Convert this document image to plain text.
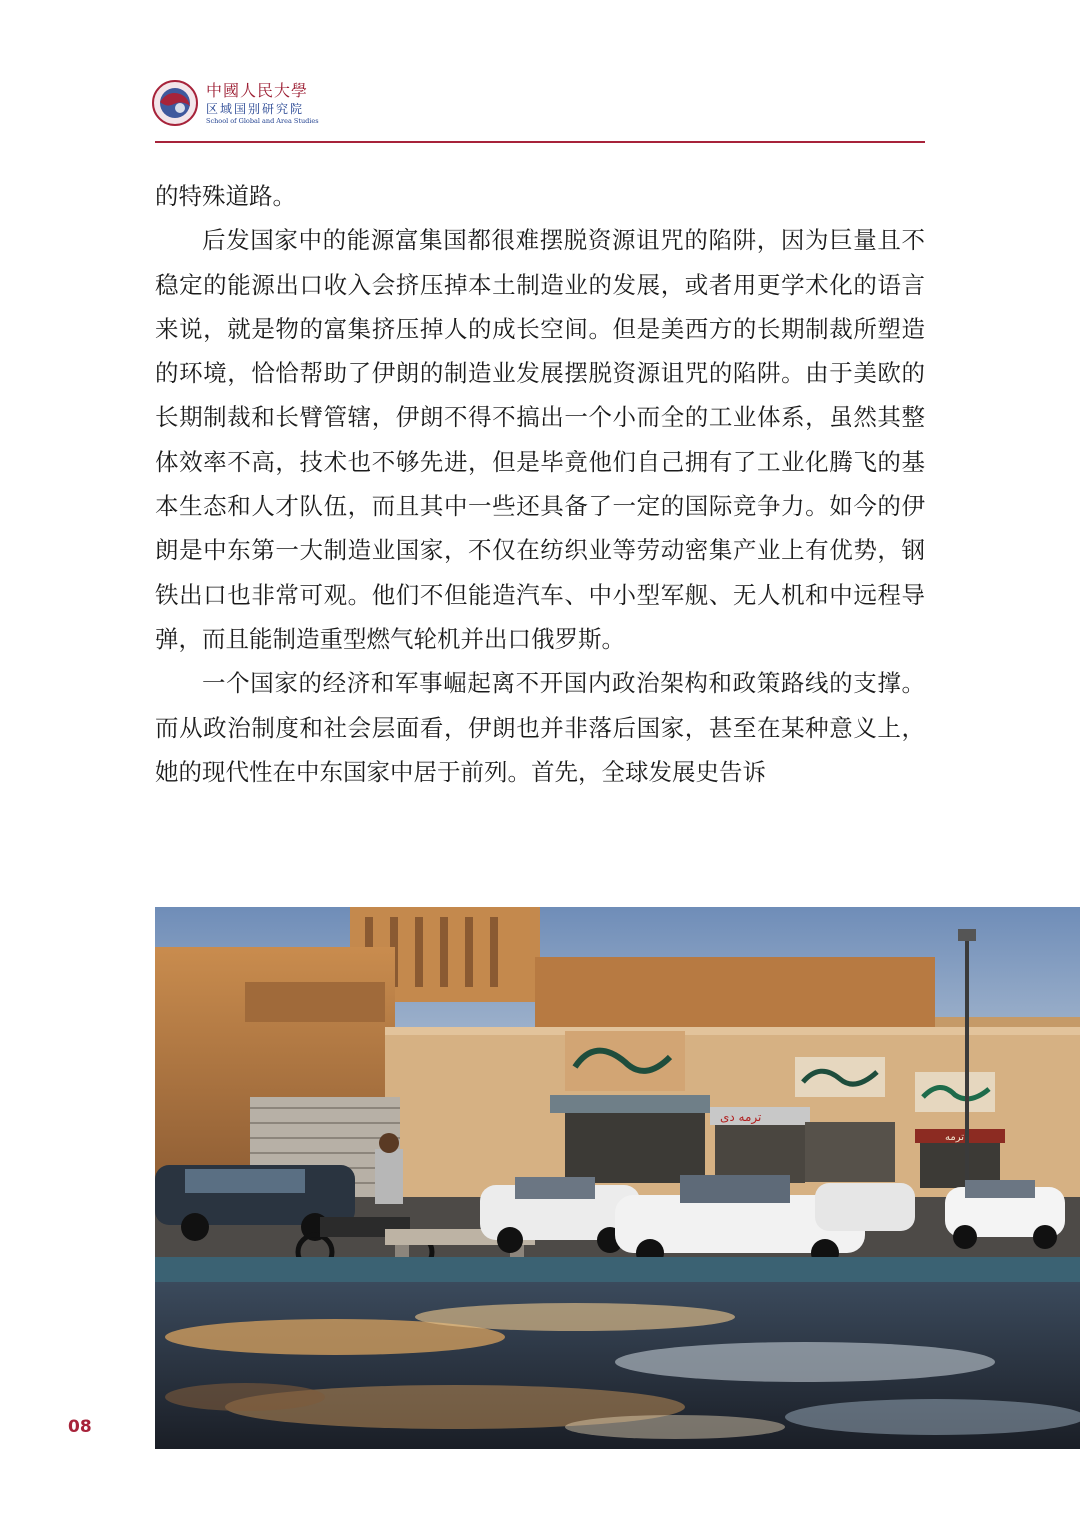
中國人民大學
区域国别研究院
School of Global and Area Studies

的特殊道路。

后发国家中的能源富集国都很难摆脱资源诅咒的陷阱，因为巨量且不稳定的能源出口收入会挤压掉本土制造业的发展，或者用更学术化的语言来说，就是物的富集挤压掉人的成长空间。但是美西方的长期制裁所塑造的环境，恰恰帮助了伊朗的制造业发展摆脱资源诅咒的陷阱。由于美欧的长期制裁和长臂管辖，伊朗不得不搞出一个小而全的工业体系，虽然其整体效率不高，技术也不够先进，但是毕竟他们自己拥有了工业化腾飞的基本生态和人才队伍，而且其中一些还具备了一定的国际竞争力。如今的伊朗是中东第一大制造业国家，不仅在纺织业等劳动密集产业上有优势，钢铁出口也非常可观。他们不但能造汽车、中小型军舰、无人机和中远程导弹，而且能制造重型燃气轮机并出口俄罗斯。

一个国家的经济和军事崛起离不开国内政治架构和政策路线的支撑。而从政治制度和社会层面看，伊朗也并非落后国家，甚至在某种意义上，她的现代性在中东国家中居于前列。首先，全球发展史告诉

ترمه دی
ترمه
08
